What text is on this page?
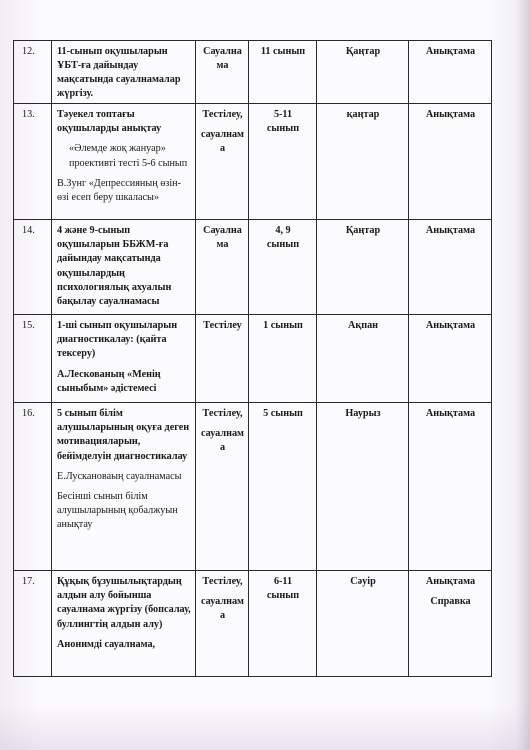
12.	11-сынып оқушыларын ҰБТ-ға дайындау мақсатында сауалнамалар жүргізу.	Сауална
ма	11 сынып	Қаңтар	Анықтама

13.	Тәуекел топтағы оқушыларды анықтау
«Әлемде жоқ жануар» проективті тесті 5-6 сынып
В.Зунг «Депрессияның өзін-өзі есеп беру шкаласы»	Тестілеу,
сауалнам
а	5-11
сынып	қаңтар	Анықтама

14.	4 және 9-сынып оқушыларын ББЖМ-ға дайындау мақсатында оқушылардың психологиялық ахуалын бақылау сауалнамасы	Сауална
ма	4, 9
сынып	Қаңтар	Анықтама

15.	1-ші сынып оқушыларын диагностикалау: (қайта тексеру)
А.Лескованың «Менің сыныбым» әдістемесі	Тестілеу	1 сынып	Ақпан	Анықтама

16.	5 сынып білім алушыларының оқуға деген мотивацияларын, бейімделуін диагностикалау
Е.Лускановаың сауалнамасы
Бесінші сынып білім алушыларының қобалжуын анықтау	Тестілеу,
сауалнам
а	5 сынып	Наурыз	Анықтама

17.	Құқық бұзушылықтардың алдын алу бойынша сауалнама жүргізу (бопсалау, буллингтің алдын алу)
Анонимді сауалнама,	Тестілеу,
сауалнам
а	6-11
сынып	Сәуір	Анықтама
Справка
